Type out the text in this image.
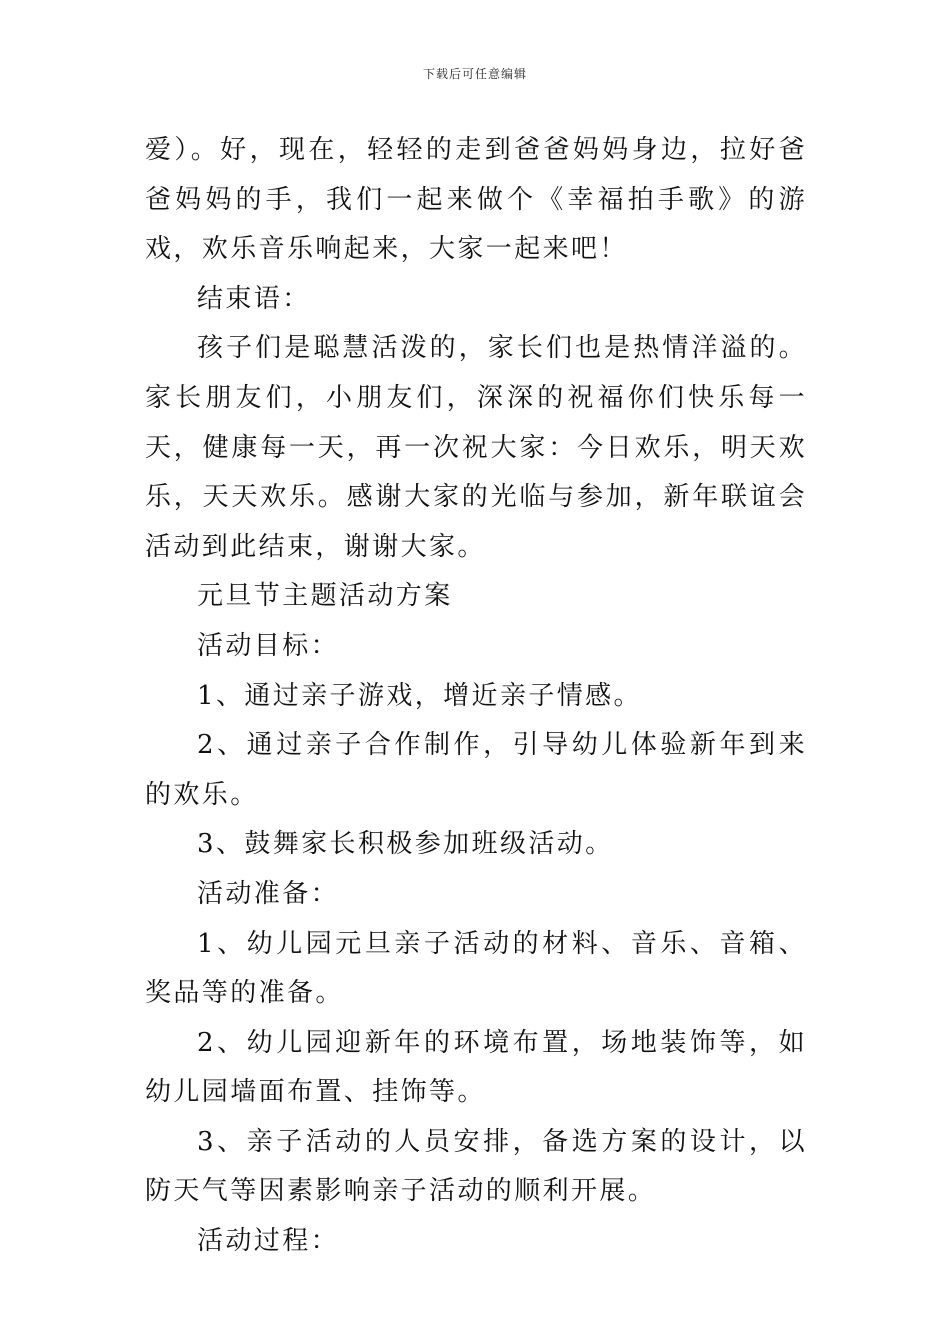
下载后可任意编辑

爱）。好，现在，轻轻的走到爸爸妈妈身边，拉好爸爸妈妈的手，我们一起来做个《幸福拍手歌》的游戏，欢乐音乐响起来，大家一起来吧！

结束语：

孩子们是聪慧活泼的，家长们也是热情洋溢的。家长朋友们，小朋友们，深深的祝福你们快乐每一天，健康每一天，再一次祝大家：今日欢乐，明天欢乐，天天欢乐。感谢大家的光临与参加，新年联谊会活动到此结束，谢谢大家。

元旦节主题活动方案

活动目标：

1、通过亲子游戏，增近亲子情感。

2、通过亲子合作制作，引导幼儿体验新年到来的欢乐。

3、鼓舞家长积极参加班级活动。

活动准备：

1、幼儿园元旦亲子活动的材料、音乐、音箱、奖品等的准备。

2、幼儿园迎新年的环境布置，场地装饰等，如幼儿园墙面布置、挂饰等。

3、亲子活动的人员安排，备选方案的设计，以防天气等因素影响亲子活动的顺利开展。

活动过程：
